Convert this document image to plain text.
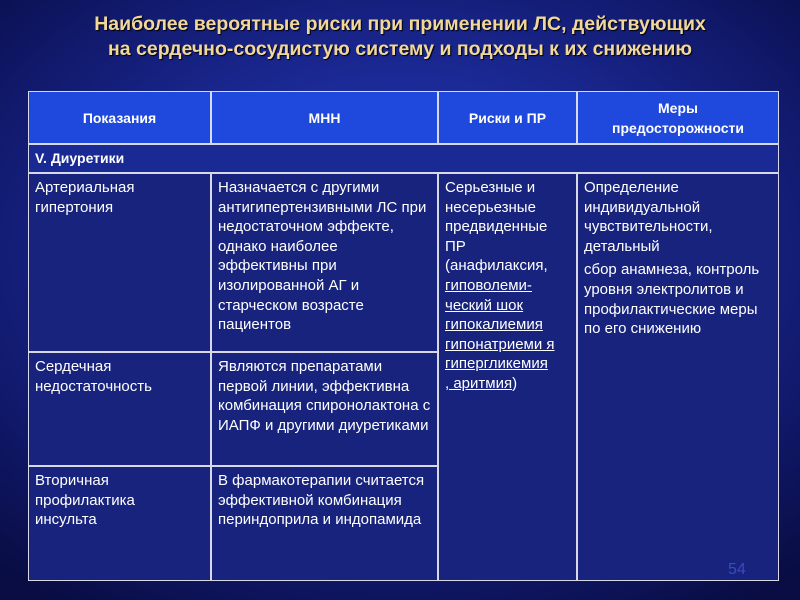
Наиболее вероятные риски при применении ЛС, действующих
на сердечно-сосудистую систему и подходы к их снижению
Показания	МНН	Риски и ПР
Меры
предосторожности
V. Диуретики
Артериальная
гипертония
Назначается с другими антигипертензивными ЛС при недостаточном эффекте, однако наиболее эффективны при изолированной АГ и старческом возрасте пациентов
Серьезные и несерьезные предвиденные ПР (анафилаксия,
гиповолеми-ческий шок
гипокалиемия
гипонатриеми я
гипергликемия
, аритмия)
Определение индивидуальной чувствительности, детальный
сбор анамнеза, контроль уровня электролитов и профилактические меры по его снижению
Сердечная
недостаточность
Являются препаратами первой линии, эффективна комбинация спиронолактона с ИАПФ и другими диуретиками
Вторичная
профилактика
инсульта
В фармакотерапии считается эффективной комбинация периндоприла и индопамида
54
